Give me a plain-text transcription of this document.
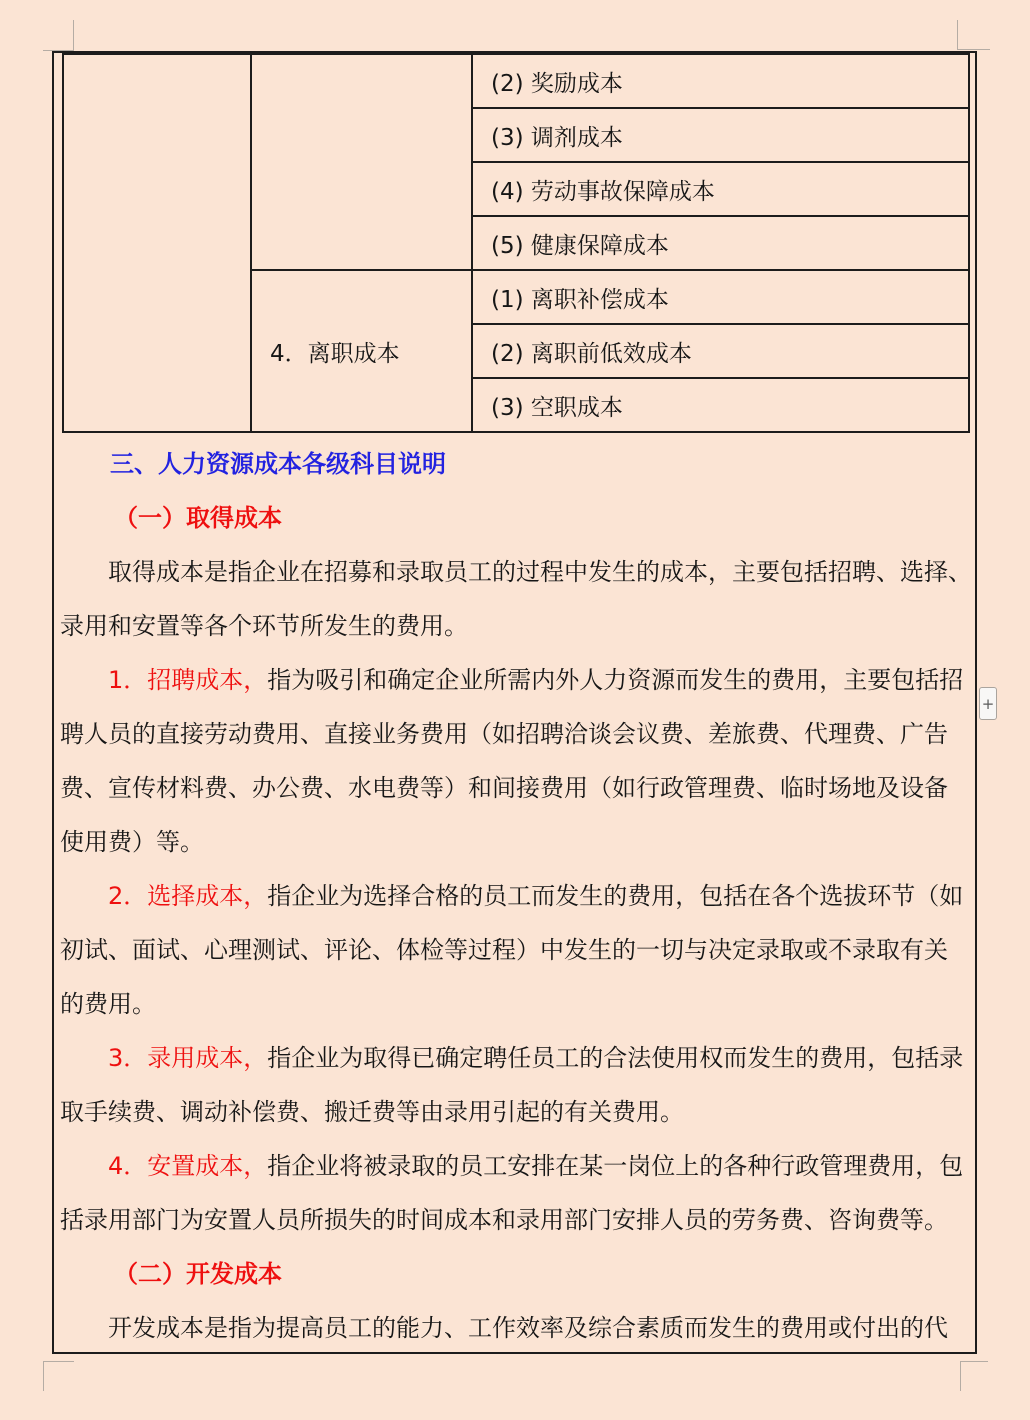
		(2) 奖励成本
		(3) 调剂成本
		(4) 劳动事故保障成本
		(5) 健康保障成本
	4．离职成本	(1) 离职补偿成本
		(2) 离职前低效成本
		(3) 空职成本
三、人力资源成本各级科目说明
（一）取得成本
取得成本是指企业在招募和录取员工的过程中发生的成本，主要包括招聘、选择、
录用和安置等各个环节所发生的费用。
1．招聘成本，指为吸引和确定企业所需内外人力资源而发生的费用，主要包括招
聘人员的直接劳动费用、直接业务费用（如招聘洽谈会议费、差旅费、代理费、广告
费、宣传材料费、办公费、水电费等）和间接费用（如行政管理费、临时场地及设备
使用费）等。
2．选择成本，指企业为选择合格的员工而发生的费用，包括在各个选拔环节（如
初试、面试、心理测试、评论、体检等过程）中发生的一切与决定录取或不录取有关
的费用。
3．录用成本，指企业为取得已确定聘任员工的合法使用权而发生的费用，包括录
取手续费、调动补偿费、搬迁费等由录用引起的有关费用。
4．安置成本，指企业将被录取的员工安排在某一岗位上的各种行政管理费用，包
括录用部门为安置人员所损失的时间成本和录用部门安排人员的劳务费、咨询费等。
（二）开发成本
开发成本是指为提高员工的能力、工作效率及综合素质而发生的费用或付出的代
+
